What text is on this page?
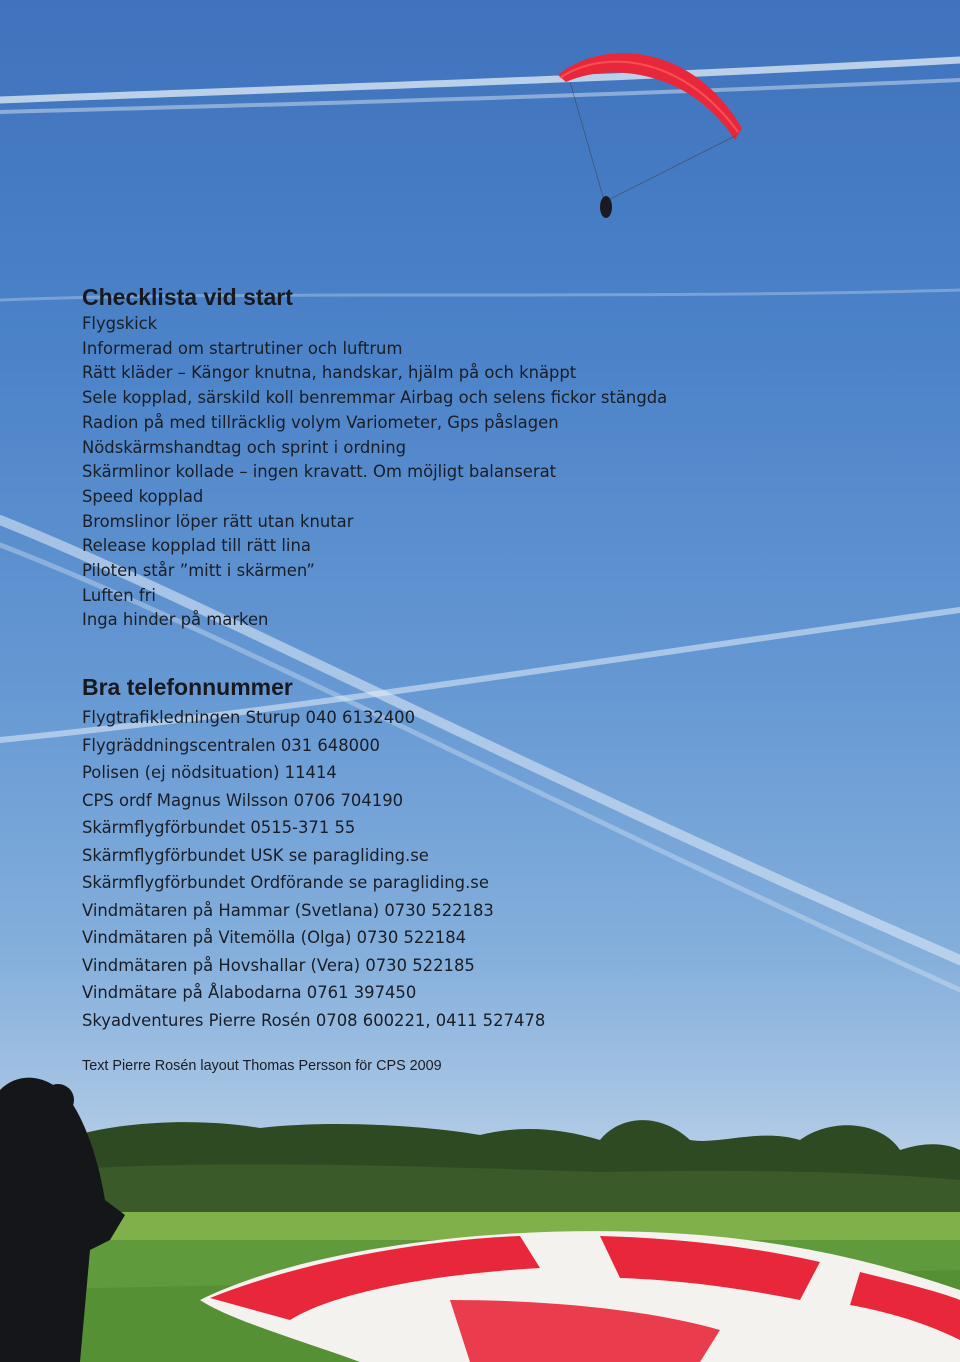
Checklista vid start
Flygskick
Informerad om startrutiner och luftrum
Rätt kläder – Kängor knutna, handskar, hjälm på och knäppt
Sele kopplad, särskild koll benremmar Airbag och selens fickor stängda
Radion på med tillräcklig volym Variometer, Gps påslagen
Nödskärmshandtag och sprint i ordning
Skärmlinor kollade – ingen kravatt. Om möjligt balanserat
Speed kopplad
Bromslinor löper rätt utan knutar
Release kopplad till rätt lina
Piloten står ”mitt i skärmen”
Luften fri
Inga hinder på marken
Bra telefonnummer
Flygtrafikledningen Sturup 040 6132400
Flygräddningscentralen 031 648000
Polisen (ej nödsituation) 11414
CPS ordf Magnus Wilsson 0706 704190
Skärmflygförbundet 0515-371 55
Skärmflygförbundet USK se paragliding.se
Skärmflygförbundet Ordförande se paragliding.se
Vindmätaren på Hammar (Svetlana) 0730 522183
Vindmätaren på Vitemölla (Olga) 0730 522184
Vindmätaren på Hovshallar (Vera) 0730 522185
Vindmätare på Ålabodarna 0761 397450
Skyadventures Pierre Rosén 0708 600221, 0411 527478
Text Pierre Rosén layout Thomas Persson för CPS 2009
